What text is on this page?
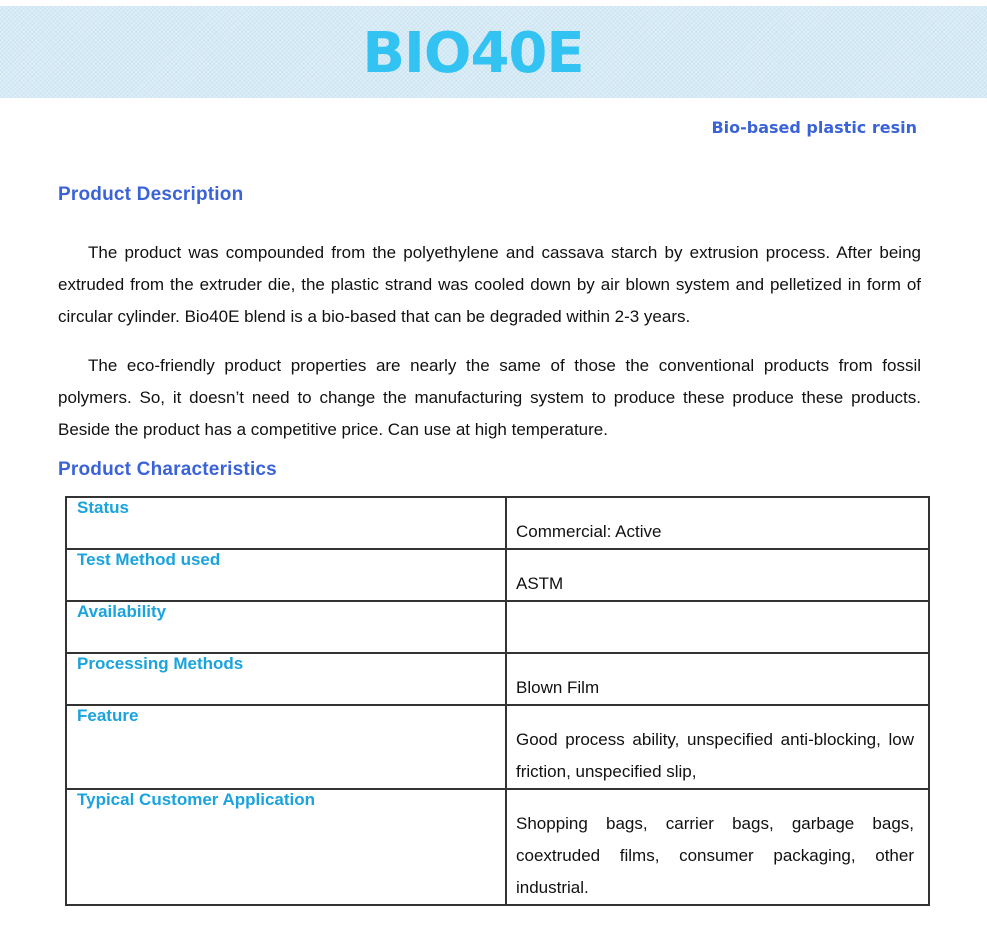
BIO40E
Bio-based plastic resin
Product Description

The product was compounded from the polyethylene and cassava starch by extrusion process. After being extruded from the extruder die, the plastic strand was cooled down by air blown system and pelletized in form of circular cylinder. Bio40E blend is a bio-based that can be degraded within 2-3 years.

The eco-friendly product properties are nearly the same of those the conventional products from fossil polymers. So, it doesn’t need to change the manufacturing system to produce these produce these products. Beside the product has a competitive price. Can use at high temperature.

Product Characteristics
Status	Commercial: Active
Test Method used	ASTM
Availability	
Processing Methods	Blown Film
Feature	Good process ability, unspecified anti-blocking, low friction, unspecified slip,
Typical Customer Application	Shopping bags, carrier bags, garbage bags, coextruded films, consumer packaging, other industrial.
